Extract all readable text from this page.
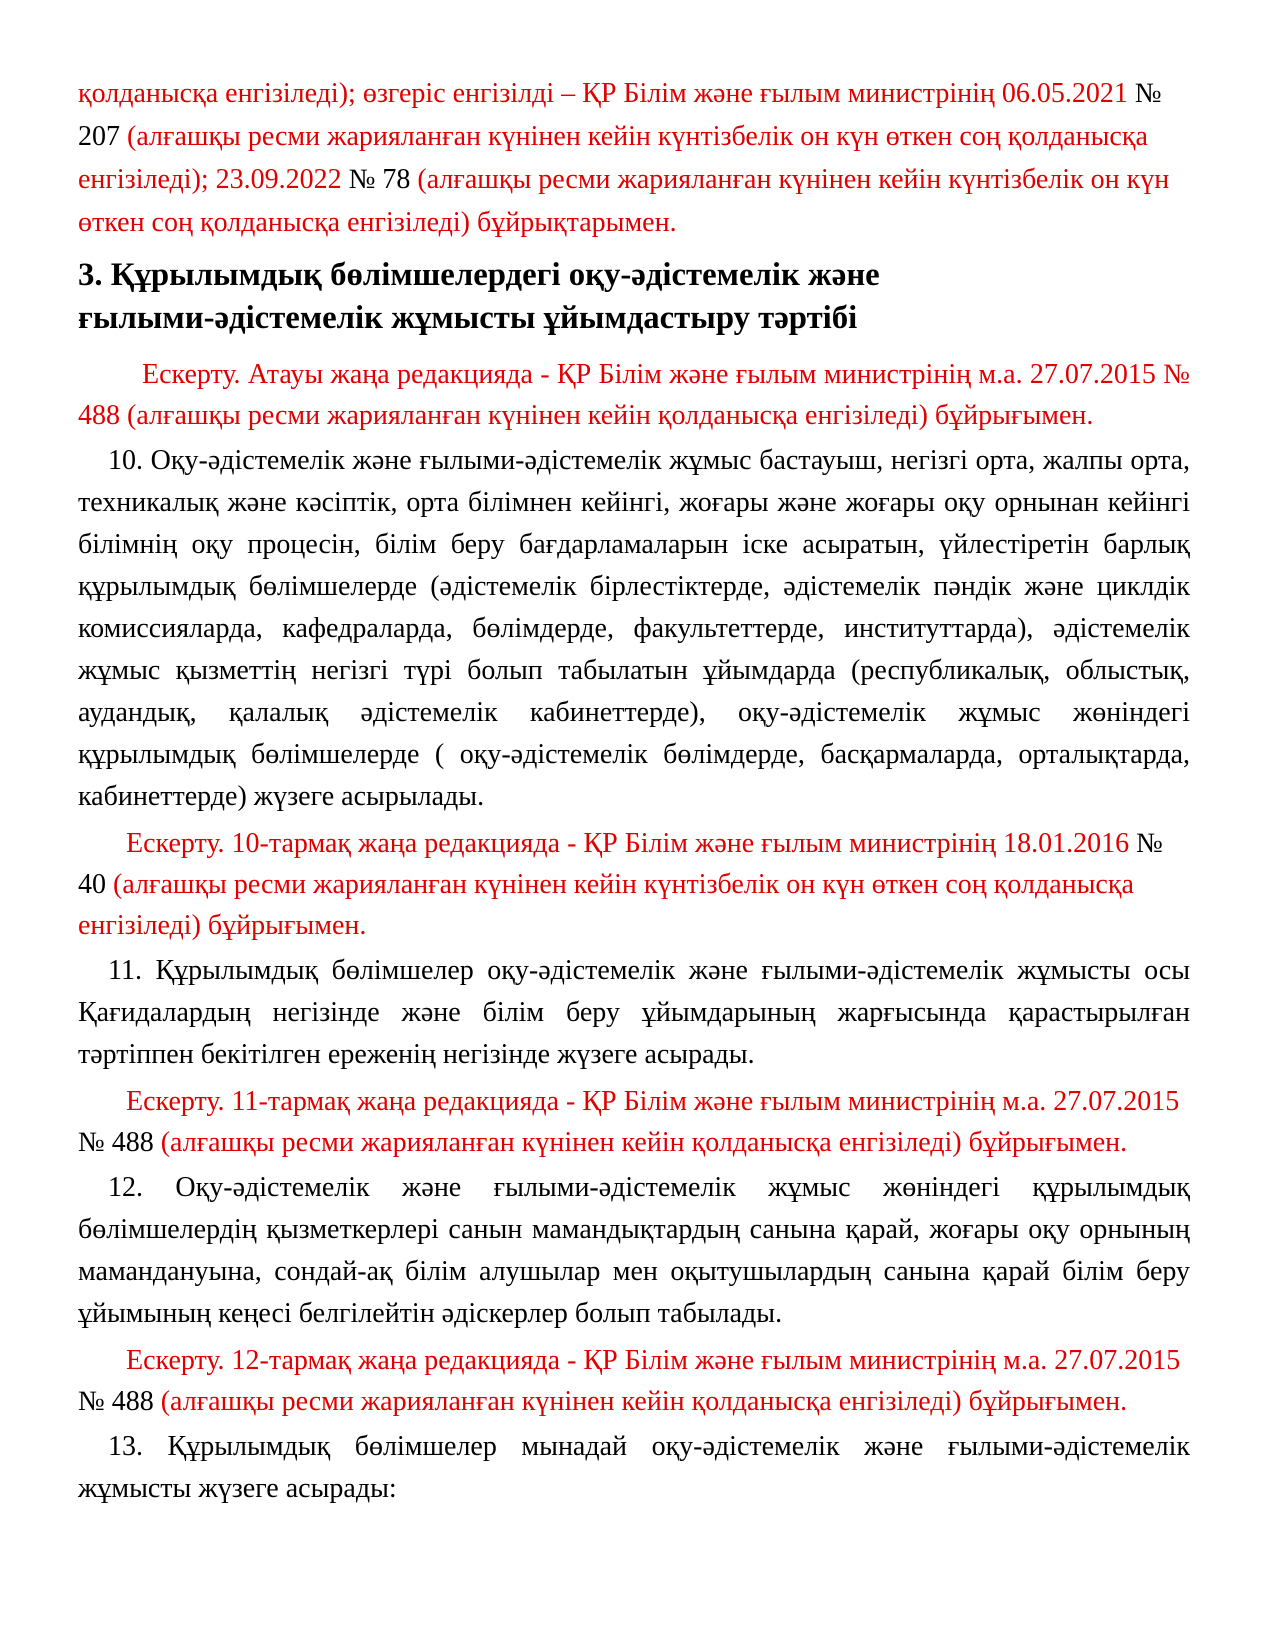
қолданысқа енгізіледі); өзгеріс енгізілді – ҚР Білім және ғылым министрінің 06.05.2021 № 207 (алғашқы ресми жарияланған күнінен кейін күнтізбелік он күн өткен соң қолданысқа енгізіледі); 23.09.2022 № 78 (алғашқы ресми жарияланған күнінен кейін күнтізбелік он күн өткен соң қолданысқа енгізіледі) бұйрықтарымен.

3. Құрылымдық бөлімшелердегі оқу-әдістемелік және
ғылыми-әдістемелік жұмысты ұйымдастыру тәртібі

Ескерту. Атауы жаңа редакцияда - ҚР Білім және ғылым министрінің м.а. 27.07.2015 № 488 (алғашқы ресми жарияланған күнінен кейін қолданысқа енгізіледі) бұйрығымен.

10. Оқу-әдістемелік және ғылыми-әдістемелік жұмыс бастауыш, негізгі орта, жалпы орта, техникалық және кәсіптік, орта білімнен кейінгі, жоғары және жоғары оқу орнынан кейінгі білімнің оқу процесін, білім беру бағдарламаларын іске асыратын, үйлестіретін барлық құрылымдық бөлімшелерде (әдістемелік бірлестіктерде, әдістемелік пәндік және циклдік комиссияларда, кафедраларда, бөлімдерде, факультеттерде, институттарда), әдістемелік жұмыс қызметтің негізгі түрі болып табылатын ұйымдарда (республикалық, облыстық, аудандық, қалалық әдістемелік кабинеттерде), оқу-әдістемелік жұмыс жөніндегі құрылымдық бөлімшелерде ( оқу-әдістемелік бөлімдерде, басқармаларда, орталықтарда, кабинеттерде) жүзеге асырылады.

Ескерту. 10-тармақ жаңа редакцияда - ҚР Білім және ғылым министрінің 18.01.2016 № 40 (алғашқы ресми жарияланған күнінен кейін күнтізбелік он күн өткен соң қолданысқа енгізіледі) бұйрығымен.

11. Құрылымдық бөлімшелер оқу-әдістемелік және ғылыми-әдістемелік жұмысты осы Қағидалардың негізінде және білім беру ұйымдарының жарғысында қарастырылған тәртіппен бекітілген ереженің негізінде жүзеге асырады.

Ескерту. 11-тармақ жаңа редакцияда - ҚР Білім және ғылым министрінің м.а. 27.07.2015 № 488 (алғашқы ресми жарияланған күнінен кейін қолданысқа енгізіледі) бұйрығымен.

12. Оқу-әдістемелік және ғылыми-әдістемелік жұмыс жөніндегі құрылымдық бөлімшелердің қызметкерлері санын мамандықтардың санына қарай, жоғары оқу орнының мамандануына, сондай-ақ білім алушылар мен оқытушылардың санына қарай білім беру ұйымының кеңесі белгілейтін әдіскерлер болып табылады.

Ескерту. 12-тармақ жаңа редакцияда - ҚР Білім және ғылым министрінің м.а. 27.07.2015 № 488 (алғашқы ресми жарияланған күнінен кейін қолданысқа енгізіледі) бұйрығымен.

13. Құрылымдық бөлімшелер мынадай оқу-әдістемелік және ғылыми-әдістемелік жұмысты жүзеге асырады:
